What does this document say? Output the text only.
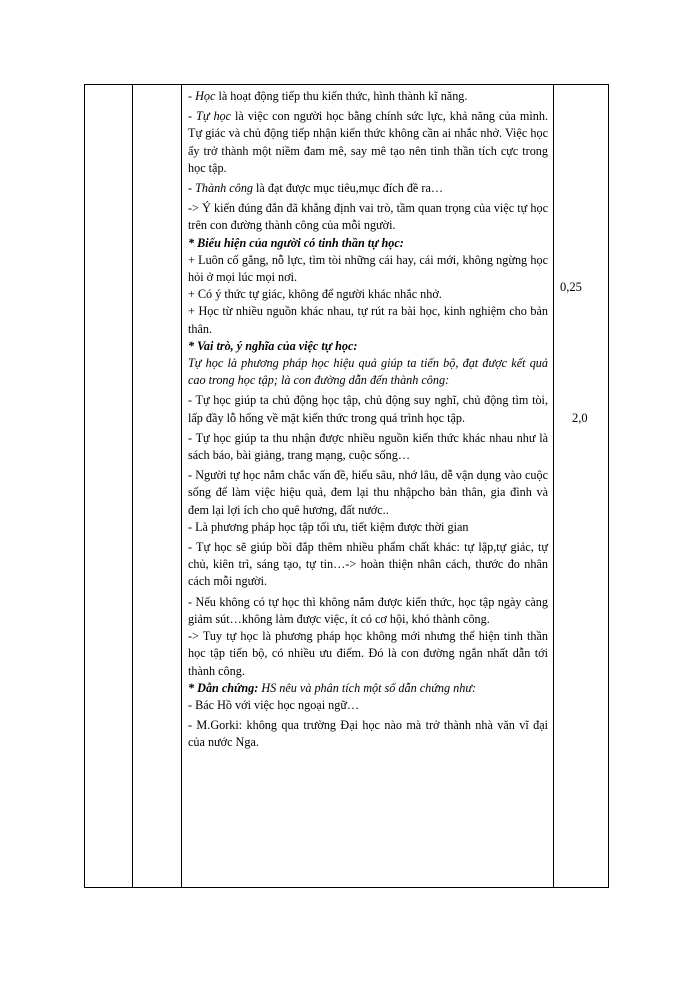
- Học là hoạt động tiếp thu kiến thức, hình thành kĩ năng.

- Tự học là việc con người học bằng chính sức lực, khả năng của mình. Tự giác và chủ động tiếp nhận kiến thức không cần ai nhắc nhở. Việc học ấy trở thành một niềm đam mê, say mê tạo nên tinh thần tích cực trong học tập.

- Thành công là đạt được mục tiêu,mục đích đề ra…

-> Ý kiến đúng đắn đã khẳng định vai trò, tầm quan trọng của việc tự học trên con đường thành công của mỗi người.

* Biểu hiện của người có tinh thần tự học:

+ Luôn cố gắng, nỗ lực, tìm tòi những cái hay, cái mới, không ngừng học hỏi ở mọi lúc mọi nơi.

+ Có ý thức tự giác, không để người khác nhắc nhở.

+ Học từ nhiều nguồn khác nhau, tự rút ra bài học, kinh nghiệm cho bản thân.

* Vai trò, ý nghĩa của việc tự học:

Tự học là phương pháp học hiệu quả giúp ta tiến bộ, đạt được kết quả cao trong học tập; là con đường dẫn đến thành công:

- Tự học giúp ta chủ động học tập, chủ động suy nghĩ, chủ động tìm tòi, lấp đầy lỗ hổng về mặt kiến thức trong quá trình học tập.

- Tự học giúp ta thu nhận được nhiều nguồn kiến thức khác nhau như là sách báo, bài giảng, trang mạng, cuộc sống…

- Người tự học nắm chắc vấn đề, hiểu sâu, nhớ lâu, dễ vận dụng vào cuộc sống để làm việc hiệu quả, đem lại thu nhậpcho bản thân, gia đình và đem lại lợi ích cho quê hương, đất nước..

- Là phương pháp học tập tối ưu, tiết kiệm được thời gian

- Tự học sẽ giúp bồi đắp thêm nhiều phẩm chất khác: tự lập,tự giác, tự chủ, kiên trì, sáng tạo, tự tin…-> hoàn thiện nhân cách, thước đo nhân cách mỗi người.

- Nếu không có tự học thì không nắm được kiến thức, học tập ngày càng giảm sút…không làm được việc, ít có cơ hội, khó thành công.

-> Tuy tự học là phương pháp học không mới nhưng thể hiện tinh thần học tập tiến bộ, có nhiều ưu điểm. Đó là con đường ngắn nhất dẫn tới thành công.

* Dẫn chứng: HS nêu và phân tích một số dẫn chứng như:

- Bác Hồ với việc học ngoại ngữ…

- M.Gorki: không qua trường Đại học nào mà trở thành nhà văn vĩ đại của nước Nga.

0,25
2,0
